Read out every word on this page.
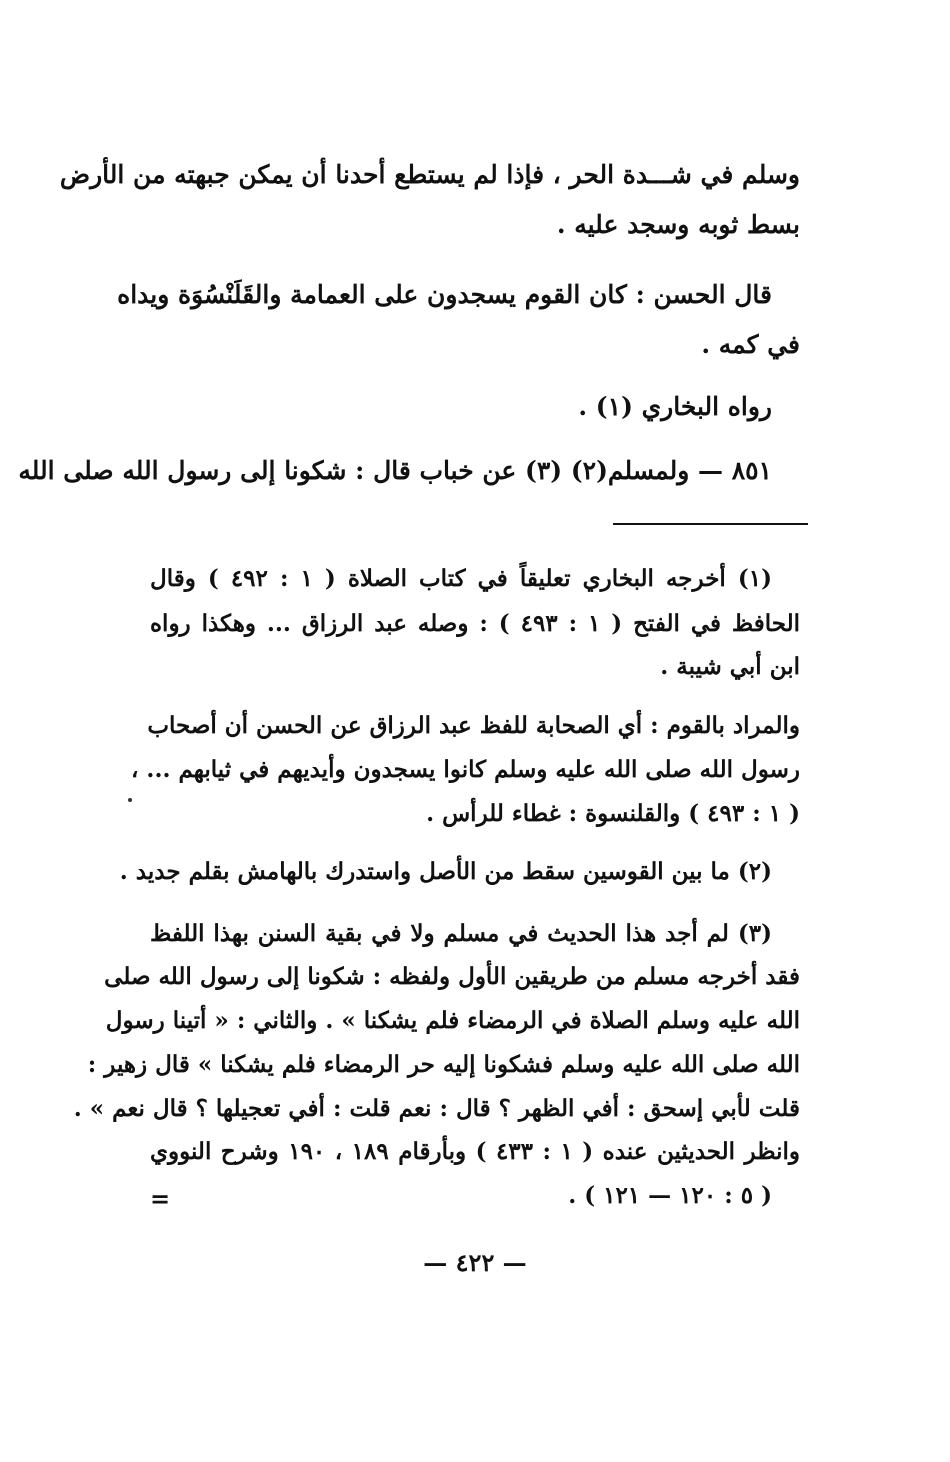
وسلم في شـــدة الحر ، فإذا لم يستطع أحدنا أن يمكن جبهته من الأرض
بسط ثوبه وسجد عليه .
قال الحسن : كان القوم يسجدون على العمامة والقَلَنْسُوَة ويداه
في كمه .
رواه البخاري (١) .
٨٥١ — ولمسلم(٢) (٣) عن خباب قال : شكونا إلى رسول الله صلى الله
(١) أخرجه البخاري تعليقاً في كتاب الصلاة ( ١ : ٤٩٢ ) وقال
الحافظ في الفتح ( ١ : ٤٩٣ ) : وصله عبد الرزاق ... وهكذا رواه
ابن أبي شيبة .
والمراد بالقوم : أي الصحابة للفظ عبد الرزاق عن الحسن أن أصحاب
رسول الله صلى الله عليه وسلم كانوا يسجدون وأيديهم في ثيابهم ... ،
( ١ : ٤٩٣ ) والقلنسوة : غطاء للرأس .
(٢) ما بين القوسين سقط من الأصل واستدرك بالهامش بقلم جديد .
(٣) لم أجد هذا الحديث في مسلم ولا في بقية السنن بهذا اللفظ
فقد أخرجه مسلم من طريقين الأول ولفظه : شكونا إلى رسول الله صلى
الله عليه وسلم الصلاة في الرمضاء فلم يشكنا » . والثاني : « أتينا رسول
الله صلى الله عليه وسلم فشكونا إليه حر الرمضاء فلم يشكنا » قال زهير :
قلت لأبي إسحق : أفي الظهر ؟ قال : نعم قلت : أفي تعجيلها ؟ قال نعم » .
وانظر الحديثين عنده ( ١ : ٤٣٣ ) وبأرقام ١٨٩ ، ١٩٠ وشرح النووي
( ٥ : ١٢٠ — ١٢١ ) .
=
— ٤٢٢ —
